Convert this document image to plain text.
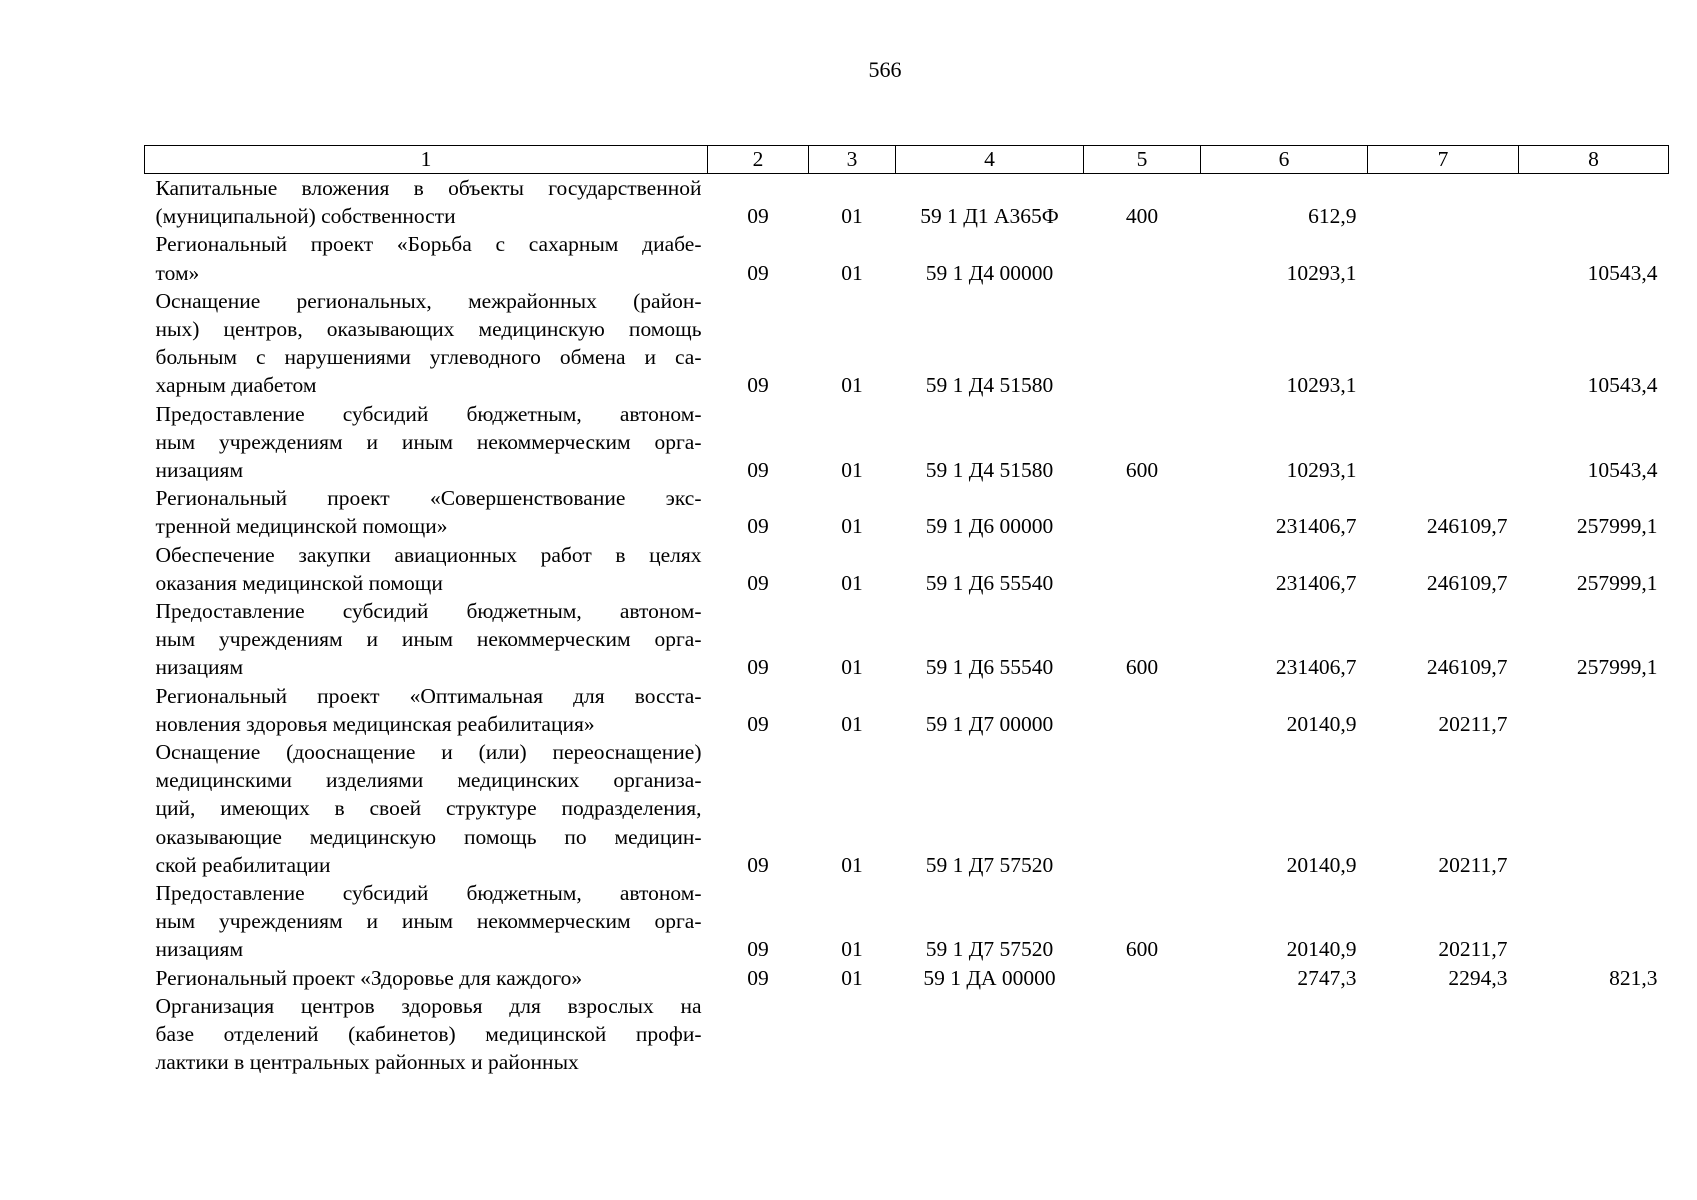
566
1	2	3	4	5	6	7	8

Капитальные вложения в объекты государственной
(муниципальной) собственности	09	01	59 1 Д1 А365Ф	400	612,9		

Региональный проект «Борьба с сахарным диабе-
том»	09	01	59 1 Д4 00000		10293,1		10543,4

Оснащение региональных, межрайонных (район-
ных) центров, оказывающих медицинскую помощь
больным с нарушениями углеводного обмена и са-
харным диабетом	09	01	59 1 Д4 51580		10293,1		10543,4

Предоставление субсидий бюджетным, автоном-
ным учреждениям и иным некоммерческим орга-
низациям	09	01	59 1 Д4 51580	600	10293,1		10543,4

Региональный проект «Совершенствование экс-
тренной медицинской помощи»	09	01	59 1 Д6 00000		231406,7	246109,7	257999,1

Обеспечение закупки авиационных работ в целях
оказания медицинской помощи	09	01	59 1 Д6 55540		231406,7	246109,7	257999,1

Предоставление субсидий бюджетным, автоном-
ным учреждениям и иным некоммерческим орга-
низациям	09	01	59 1 Д6 55540	600	231406,7	246109,7	257999,1

Региональный проект «Оптимальная для восста-
новления здоровья медицинская реабилитация»	09	01	59 1 Д7 00000		20140,9	20211,7	

Оснащение (дооснащение и (или) переоснащение)
медицинскими изделиями медицинских организа-
ций, имеющих в своей структуре подразделения,
оказывающие медицинскую помощь по медицин-
ской реабилитации	09	01	59 1 Д7 57520		20140,9	20211,7	

Предоставление субсидий бюджетным, автоном-
ным учреждениям и иным некоммерческим орга-
низациям	09	01	59 1 Д7 57520	600	20140,9	20211,7	

Региональный проект «Здоровье для каждого»	09	01	59 1 ДА 00000		2747,3	2294,3	821,3

Организация центров здоровья для взрослых на
базе отделений (кабинетов) медицинской профи-
лактики в центральных районных и районных							
